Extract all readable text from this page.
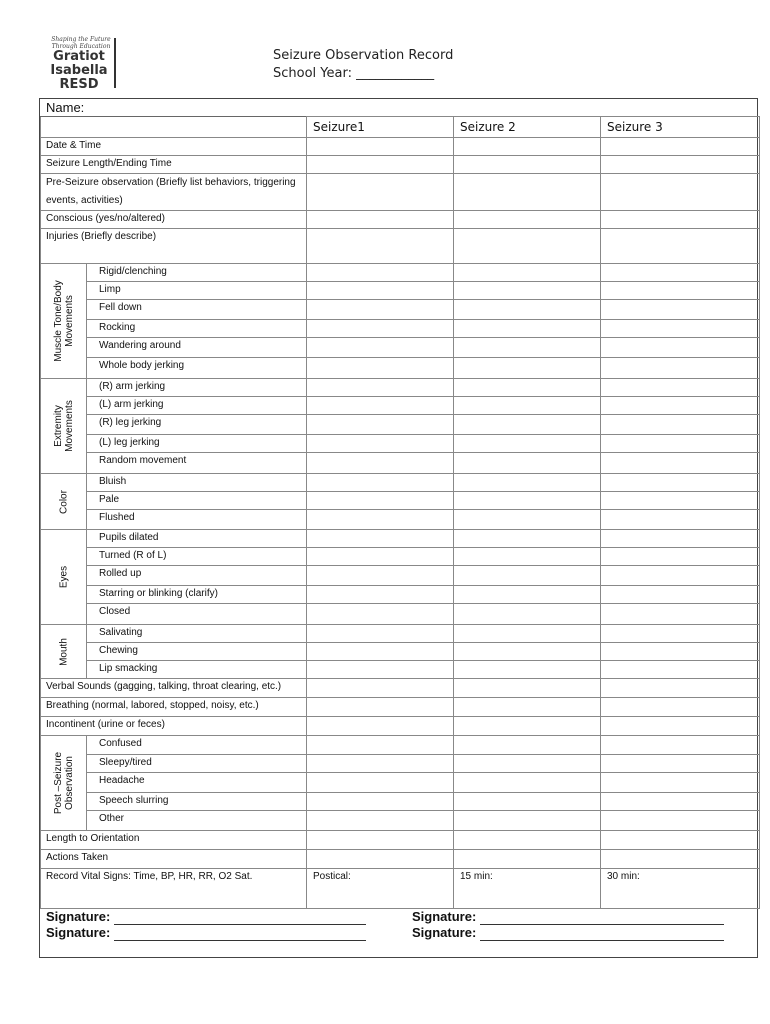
Shaping the Future Through Education
Gratiot
Isabella
RESD
Seizure Observation Record
School Year: ____________
Name:
		Seizure1	Seizure 2	Seizure 3
Date & Time				
Seizure Length/Ending Time				

Pre-Seizure observation (Briefly list behaviors, triggering
events, activities)				

Conscious (yes/no/altered)				
Injuries (Briefly describe)				

Muscle Tone/Body Movements	Rigid/clenching			
	Limp			
	Fell down			
	Rocking			
	Wandering around			
	Whole body jerking			

Extremity Movements	(R) arm jerking			
	(L) arm jerking			
	(R) leg jerking			
	(L) leg jerking			
	Random movement			

Color	Bluish			
	Pale			
	Flushed			

Eyes	Pupils dilated			
	Turned (R of L)			
	Rolled up			
	Starring or blinking (clarify)			
	Closed			

Mouth	Salivating			
	Chewing			
	Lip smacking			
Verbal Sounds (gagging, talking, throat clearing, etc.)				
Breathing (normal, labored, stopped, noisy, etc.)				
Incontinent (urine or feces)				

Post –Seizure Observation	Confused			
	Sleepy/tired			
	Headache			
	Speech slurring			
	Other			
Length to Orientation				
Actions Taken				
Record Vital Signs: Time, BP, HR, RR, O2 Sat.		Postical:	15 min:	30 min:
Signature:
Signature:
Signature:
Signature:
